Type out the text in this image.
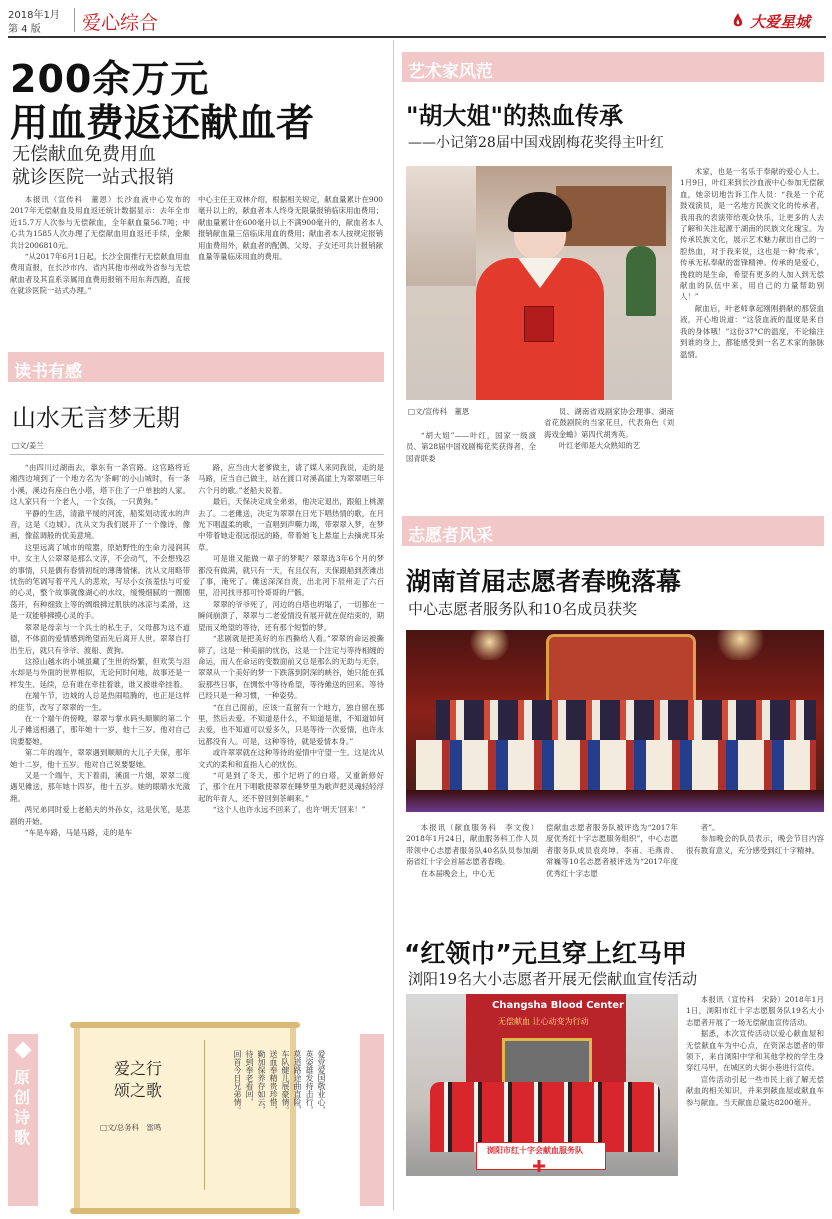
2018年1月
第 4 版 爱心综合	大爱星城
200余万元
用血费返还献血者
无偿献血免费用血
就诊医院一站式报销

本报讯（宣传科　董恩）长沙血液中心发布的2017年无偿献血及用血返还统计数据显示：去年全市近15.7万人次参与无偿献血，全年献血量56.7吨；中心共为1585人次办理了无偿献血用血返还手续，金额共计2006810元。

“从2017年6月1日起，长沙全面推行无偿献血用血费用直报，在长沙市内、省内其他市州或外省参与无偿献血者及其直系亲属用血费用报销不用东奔西跑，直接在就诊医院一站式办理。”

中心主任王双林介绍，根据相关规定，献血量累计在900毫升以上的，献血者本人终身无限量报销临床用血费用；献血量累计在600毫升以上不满900毫升的，献血者本人报销献血量三倍临床用血的费用；献血者本人按规定报销用血费用外，献血者的配偶、父母、子女还可共计报销献血量等量临床用血的费用。

读书有感
山水无言梦无期
□文/姜兰

“由四川过湖南去，靠东有一条官路。这官路将近湘西边境到了一个地方名为‘茶峒’的小山城时，有一条小溪，溪边有座白色小塔，塔下住了一户单独的人家。这人家只有一个老人，一个女孩，一只黄狗。”

平静的生活，清澈平缓的河流，船桨划动流水的声音，这是《边城》。沈从文为我们展开了一个像诗，像画，像蓝调般的优美意境。

这里远离了城市的喧嚣，原始野性的生命力浸润其中。女主人公翠翠是那么文淳，不会动气，不会想残忍的事情，只是偶有春情初绽的薄薄情愫。沈从文用略带忧伤的笔调写着平凡人的悲欢，写尽小女孩羞怯与可爱的心灵，整个故事就像湖心的水纹，缓慢细腻的一圈圈荡开，有种细致上等的绸缎拂过肌肤的冰凉与柔滑，这是一双能够拂摸心灵的手。

翠翠是母亲与一个兵士的私生子，父母都为这不道德，不体面的爱情感到绝望而先后离开人世。翠翠自打出生后，就只有爷爷、渡船、黄狗。

这掠山越水的小城虽藏了生世的纷繁，但欢笑与泪水却是与外面的世界相似，无论何时何地，故事还是一样发生、延续，总有谁在牵挂着谁，谁又被谁牵挂着。

在端午节，边城的人总是热闹喧腾的，也正是这样的佳节，改写了翠翠的一生。

在一个端午的傍晚，翠翠与掌水码头顺顺的第二个儿子傩送相遇了，那年她十一岁，他十三岁。他对自己说要娶她。

第二年的端午，翠翠遇到顺顺的大儿子天保，那年她十二岁，他十五岁。他对自己说要娶她。

又是一个端午，天下着雨，溪面一片烟，翠翠二度遇见傩送，那年她十四岁，他十五岁。她的眼睛水光潋滟。

两兄弟同时爱上老船夫的外孙女，这是伏笔，是悲剧的开始。

“车是车路，马是马路，走的是车

路，应当由大老爹做主，请了媒人来同我说，走的是马路，应当自己做主，站在渡口对溪高崖上为翠翠唱三年六个月的歌。”老船夫说着。

最后，天保决定成全弟弟，他决定退出，跟船上桃源去了。二老傩送，决定为翠翠在日光下唱热情的歌，在月光下唱温柔的歌，一直唱到声嘶力竭，带翠翠入梦，在梦中带着她走很远很远的路，带着她飞上悬崖上去摘虎耳朵草。

可是谁又能做一辈子的梦呢？翠翠选3年6个月的梦都没有做满，就只有一天，有且仅有，天保跟船到茨滩出了事，淹死了。傩送深深自责，出北河下辰州走了六百里，沿河找寻那可怜哥哥的尸骸。

翠翠的爷爷死了，河边的白塔也坍塌了，一切都在一瞬间崩溃了，翠翠与二老爱情没有展开就在促结束的，期望而又绝望的等待，还有那个短暂的梦。

“悲剧就是把美好的东西撕给人看。”翠翠的命运被撕碎了，这是一种美丽的忧伤，这是一个注定与等待相缠的命运，而人在命运的变数面前又总是那么的无助与无奈，翠翠从一个美好的梦一下跌落到阴深的峡谷，她只能在孤寂那些日事，在惆怅中等待希望，等待傩送的回来。等待已经只是一种习惯，一种姿势。

“在自己面前，应该一直留有一个地方，独自留在那里，然后去爱。不知道是什么，不知道是谁，不知道如何去爱，也不知道可以爱多久，只是等待一次爱情，也许永远都没有人。可是，这种等待，就是爱情本身。”

或许翠翠就在这种等待的爱情中守望一生。这是沈从文式的柔和和直指人心的忧伤。

“可是到了冬天，那个圮坍了的白塔，又重新修好了，那个在月下唱歌使翠翠在睡梦里为歌声把灵魂轻轻浮起的年青人，还不曾回到茶峒来。”

“这个人也许永远不回来了，也许‘明天’回来！”

原创诗歌
爱之行
颂之歌
□文/总务科　雷鸣
爱党爱国敬业心，
英姿雄发持击行，
莫道路途曲直险，
车队健儿展豪情。
送血奉精贵珍惜，
勤加保养存如云，
待到奉老看回，
回首今日兄弟情。
艺术家风范
"胡大姐"的热血传承
——小记第28届中国戏剧梅花奖得主叶红
□文/宣传科　董恩

“胡大姐”——叶红，国家一级演员、第28届中国戏剧梅花奖获得者、全国青联委

员、湖南省戏剧家协会理事、湖南省花鼓剧院的当家花旦，代表角色《刘海戏金蟾》第四代胡秀英。

叶红老师是大众熟知的艺

术家，也是一名乐于奉献的爱心人士。1月9日，叶红来到长沙血液中心参加无偿献血，她亲切地告诉工作人员：“我是一个花鼓戏演员，是一名地方民族文化的传承者，我用我的表演带给观众快乐，让更多的人去了解和关注起源于湖南的民族文化瑰宝。为传承民族文化，展示艺术魅力献出自己的一腔热血，对于我来说，这也是一种‘传承’，传承无私奉献的雷锋精神。传承的是爱心，挽救的是生命，希望有更多的人加入到无偿献血的队伍中来，用自己的力量帮助别人！”

献血后，叶老师拿起刚刚捐献的那袋血液，开心地说道：“这袋血液的温度是来自我的身体哦！”这份37°C的温度，不论输注到谁的身上，都能感受到一名艺术家的脉脉温情。

志愿者风采
湖南首届志愿者春晚落幕
中心志愿者服务队和10名成员获奖

本报讯（献血服务科　李文俊）2018年1月24日，献血服务科工作人员带领中心志愿者服务队40名队员参加湖南省红十字会首届志愿者春晚。

在本届晚会上，中心无

偿献血志愿者服务队被评选为“2017年度优秀红十字志愿服务组织”，中心志愿者服务队成员袁亮坤、李甫、毛燕青、常巍等10名志愿者被评选为“2017年度优秀红十字志愿

者”。

参加晚会的队员表示，晚会节目内容很有教育意义，充分感受到红十字精神。

“红领巾”元旦穿上红马甲
浏阳19名大小志愿者开展无偿献血宣传活动
Changsha Blood Center
无偿献血 让心动变为行动
浏阳市红十字会献血服务队

本报讯（宣传科　宋龄）2018年1月1日，浏阳市红十字志愿服务队19名大小志愿者开展了一场无偿献血宣传活动。

据悉，本次宣传活动以爱心献血屋和无偿献血车为中心点，在资深志愿者的带领下，来自浏阳中学和其他学校的学生身穿红马甲，在城区的大街小巷进行宣传。

宣传活动引起一些市民上前了解无偿献血的相关知识，并来到献血屋或献血车参与献血。当天献血总量达8200毫升。
